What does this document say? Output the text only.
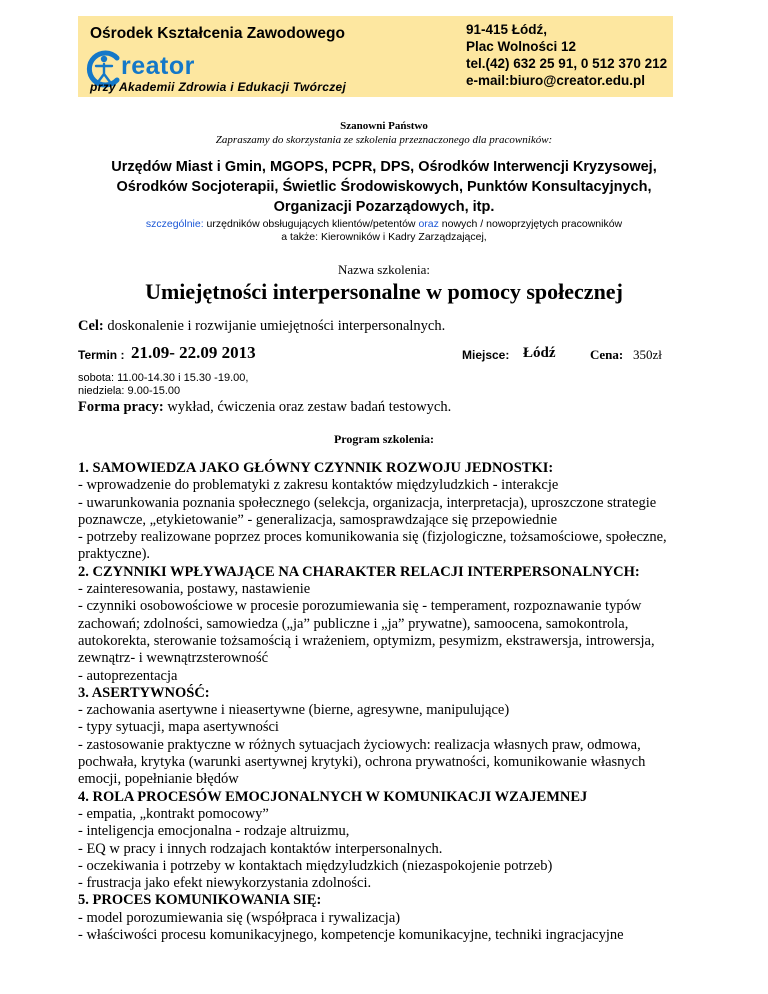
Ośrodek Kształcenia Zawodowego
reator
przy Akademii Zdrowia i Edukacji Twórczej
91-415 Łódź,
Plac Wolności 12
tel.(42) 632 25 91, 0 512 370 212
e-mail:biuro@creator.edu.pl
Szanowni Państwo
Zapraszamy do skorzystania ze szkolenia przeznaczonego dla pracowników:
Urzędów Miast i Gmin, MGOPS, PCPR, DPS, Ośrodków Interwencji Kryzysowej,
Ośrodków Socjoterapii, Świetlic Środowiskowych, Punktów Konsultacyjnych,
Organizacji Pozarządowych, itp.
szczególnie: urzędników obsługujących klientów/petentów oraz nowych / nowoprzyjętych pracowników
a także: Kierowników i Kadry Zarządzającej,
Nazwa szkolenia:
Umiejętności interpersonalne w pomocy społecznej
Cel: doskonalenie i rozwijanie umiejętności interpersonalnych.
Termin : 21.09- 22.09 2013	Miejsce: Łódź	Cena: 350zł
sobota: 11.00-14.30 i 15.30 -19.00,
niedziela: 9.00-15.00
Forma pracy: wykład, ćwiczenia oraz zestaw badań testowych.
Program szkolenia:
1. SAMOWIEDZA JAKO GŁÓWNY CZYNNIK ROZWOJU JEDNOSTKI:
- wprowadzenie do problematyki z zakresu kontaktów międzyludzkich - interakcje
- uwarunkowania poznania społecznego (selekcja, organizacja, interpretacja), uproszczone strategie
poznawcze, „etykietowanie” - generalizacja, samosprawdzające się przepowiednie
- potrzeby realizowane poprzez proces komunikowania się (fizjologiczne, tożsamościowe, społeczne,
praktyczne).
2. CZYNNIKI WPŁYWAJĄCE NA CHARAKTER RELACJI INTERPERSONALNYCH:
- zainteresowania, postawy, nastawienie
- czynniki osobowościowe w procesie porozumiewania się - temperament, rozpoznawanie typów
zachowań; zdolności, samowiedza („ja” publiczne i „ja” prywatne), samoocena, samokontrola,
autokorekta, sterowanie tożsamością i wrażeniem, optymizm, pesymizm, ekstrawersja, introwersja,
zewnątrz- i wewnątrzsterowność
- autoprezentacja
3. ASERTYWNOŚĆ:
- zachowania asertywne i nieasertywne (bierne, agresywne, manipulujące)
- typy sytuacji, mapa asertywności
- zastosowanie praktyczne w różnych sytuacjach życiowych: realizacja własnych praw, odmowa,
pochwała, krytyka (warunki asertywnej krytyki), ochrona prywatności, komunikowanie własnych
emocji, popełnianie błędów
4. ROLA PROCESÓW EMOCJONALNYCH W KOMUNIKACJI WZAJEMNEJ
- empatia, „kontrakt pomocowy”
- inteligencja emocjonalna - rodzaje altruizmu,
- EQ w pracy i innych rodzajach kontaktów interpersonalnych.
- oczekiwania i potrzeby w kontaktach międzyludzkich (niezaspokojenie potrzeb)
- frustracja jako efekt niewykorzystania zdolności.
5. PROCES KOMUNIKOWANIA SIĘ:
- model porozumiewania się (współpraca i rywalizacja)
- właściwości procesu komunikacyjnego, kompetencje komunikacyjne, techniki ingracjacyjne
